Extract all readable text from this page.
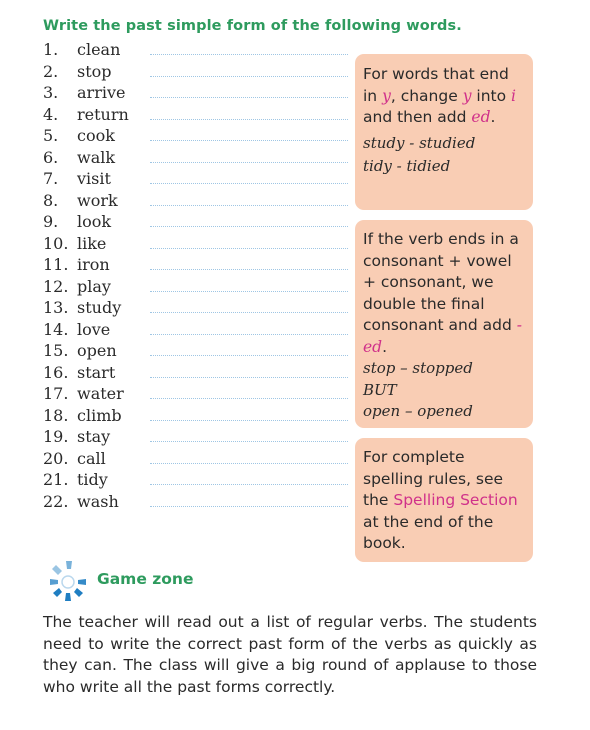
Write the past simple form of the following words.
1.	clean
2.	stop
3.	arrive
4.	return
5.	cook
6.	walk
7.	visit
8.	work
9.	look
10. like
11. iron
12. play
13. study
14. love
15. open
16. start
17. water
18. climb
19. stay
20. call
21. tidy
22. wash

For words that end in y, change y into i and then add ed.

study - studied

tidy - tidied

If the verb ends in a consonant + vowel + consonant, we double the final consonant and add -ed.

stop – stopped

BUT

open – opened

For complete spelling rules, see the Spelling Section at the end of the book.

Game zone
The teacher will read out a list of regular verbs. The students need to write the correct past form of the verbs as quickly as they can. The class will give a big round of applause to those who write all the past forms correctly.
